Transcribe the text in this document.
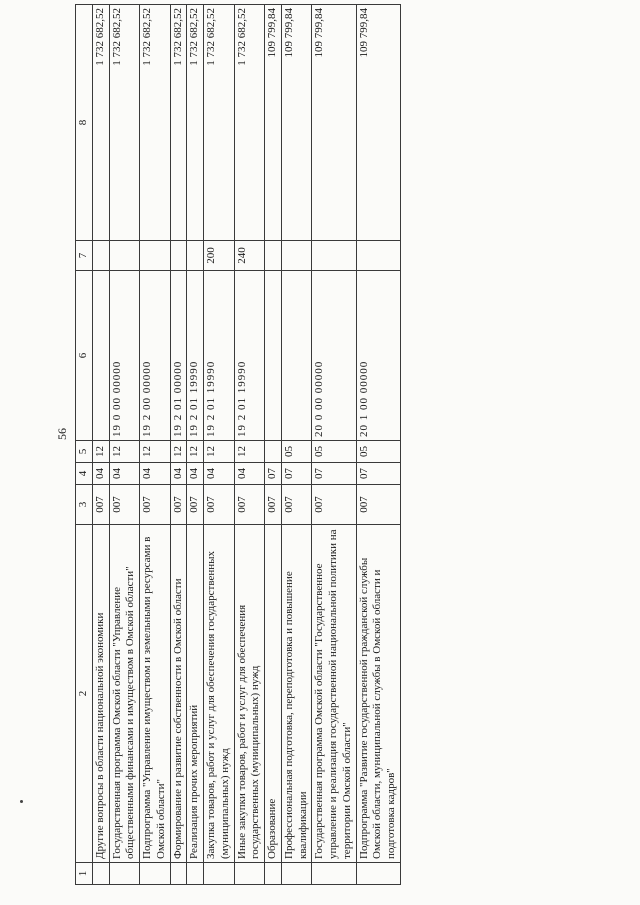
56
1	2	3	4	5	6	7	8
	Другие вопросы в области национальной экономики	007	04	12			1 732 682,52
	Государственная программа Омской области "Управление общественными финансами и имуществом в Омской области"	007	04	12	19 0 00 00000		1 732 682,52
	Подпрограмма "Управление имуществом и земельными ресурсами в Омской области"	007	04	12	19 2 00 00000		1 732 682,52
	Формирование и развитие собственности в Омской области	007	04	12	19 2 01 00000		1 732 682,52
	Реализация прочих мероприятий	007	04	12	19 2 01 19990		1 732 682,52
	Закупка товаров, работ и услуг для обеспечения государственных (муниципальных) нужд	007	04	12	19 2 01 19990	200	1 732 682,52
	Иные закупки товаров, работ и услуг для обеспечения государственных (муниципальных) нужд	007	04	12	19 2 01 19990	240	1 732 682,52
	Образование	007	07				109 799,84
	Профессиональная подготовка, переподготовка и повышение квалификации	007	07	05			109 799,84
	Государственная программа Омской области "Государственное управление и реализация государственной национальной политики на территории Омской области"	007	07	05	20 0 00 00000		109 799,84
	Подпрограмма "Развитие государственной гражданской службы Омской области, муниципальной службы в Омской области и подготовка кадров"	007	07	05	20 1 00 00000		109 799,84
